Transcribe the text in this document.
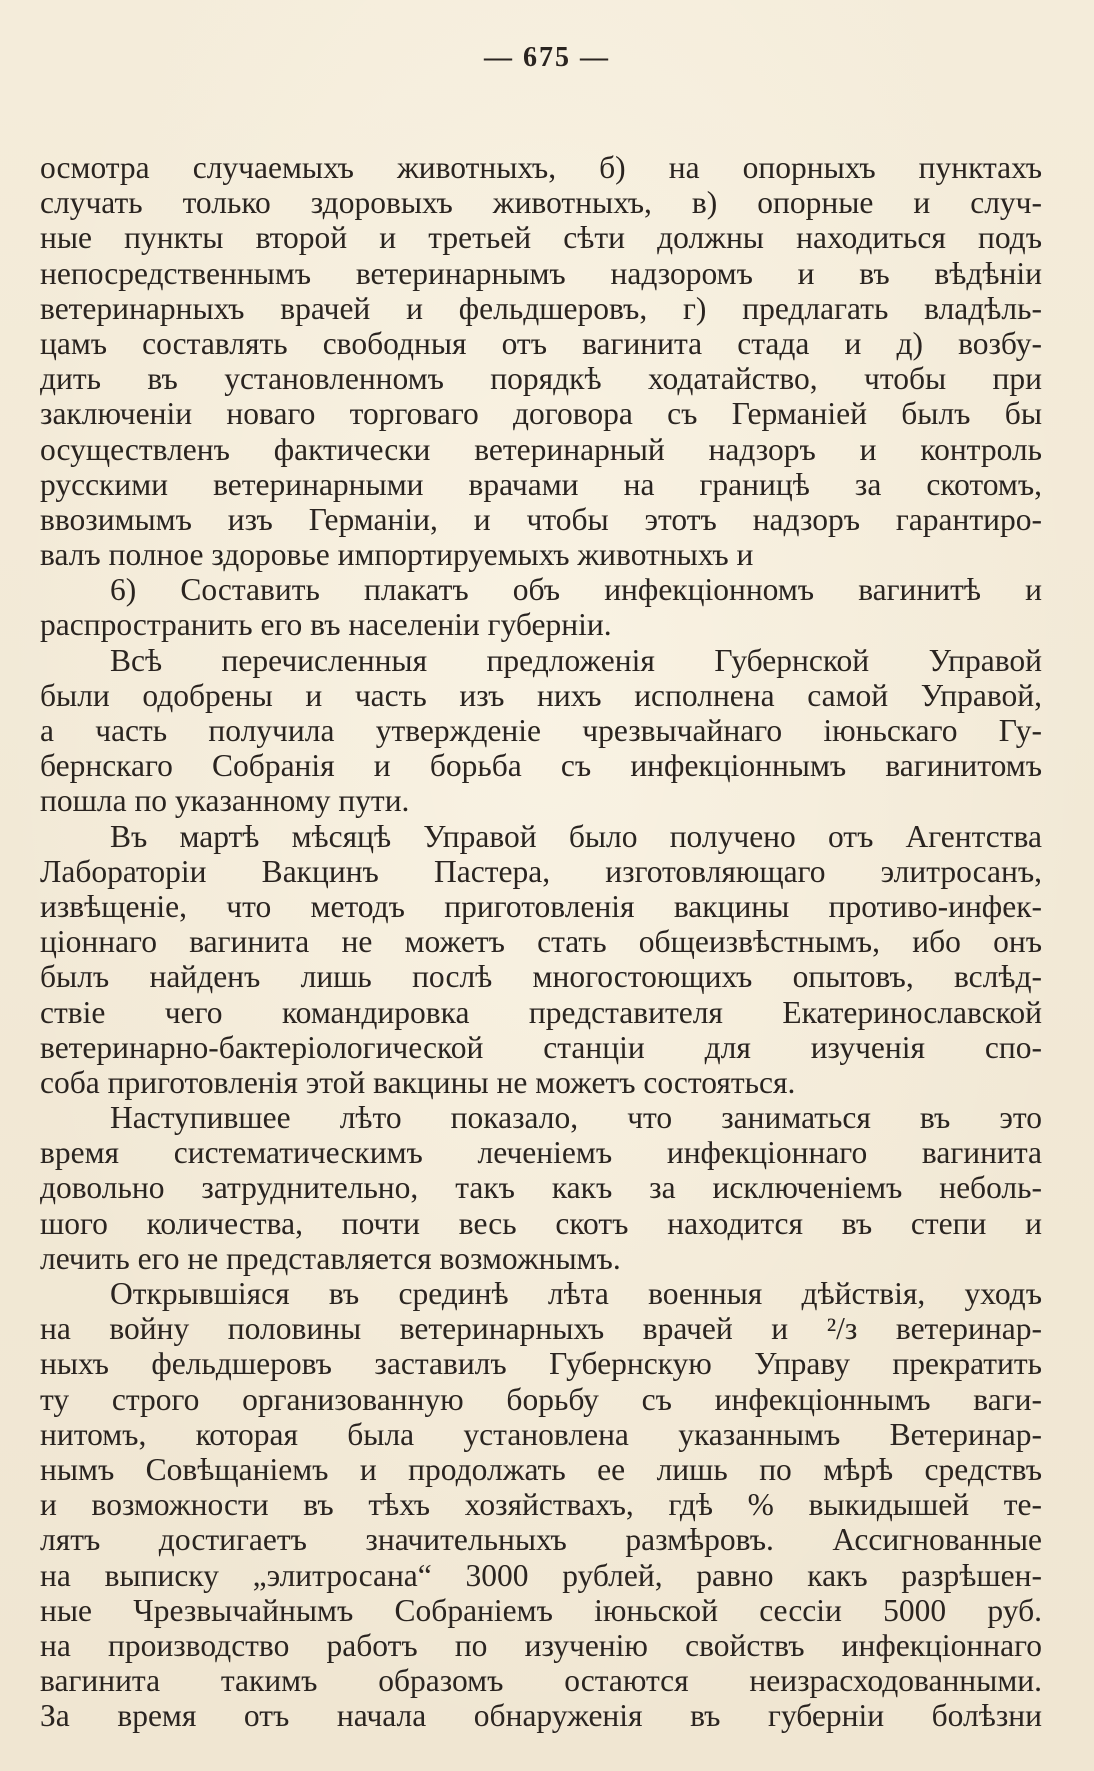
— 675 —
осмотра случаемыхъ животныхъ, б) на опорныхъ пунктахъ
случать только здоровыхъ животныхъ, в) опорные и случ-
ные пункты второй и третьей сѣти должны находиться подъ
непосредственнымъ ветеринарнымъ надзоромъ и въ вѣдѣніи
ветеринарныхъ врачей и фельдшеровъ, г) предлагать владѣль-
цамъ составлять свободныя отъ вагинита стада и д) возбу-
дить въ установленномъ порядкѣ ходатайство, чтобы при
заключеніи новаго торговаго договора съ Германіей былъ бы
осуществленъ фактически ветеринарный надзоръ и контроль
русскими ветеринарными врачами на границѣ за скотомъ,
ввозимымъ изъ Германіи, и чтобы этотъ надзоръ гарантиро-
валъ полное здоровье импортируемыхъ животныхъ и
6) Составить плакатъ объ инфекціонномъ вагинитѣ и
распространить его въ населеніи губерніи.
Всѣ перечисленныя предложенія Губернской Управой
были одобрены и часть изъ нихъ исполнена самой Управой,
а часть получила утвержденіе чрезвычайнаго іюньскаго Гу-
бернскаго Собранія и борьба съ инфекціоннымъ вагинитомъ
пошла по указанному пути.
Въ мартѣ мѣсяцѣ Управой было получено отъ Агентства
Лабораторіи Вакцинъ Пастера, изготовляющаго элитросанъ,
извѣщеніе, что методъ приготовленія вакцины противо-инфек-
ціоннаго вагинита не можетъ стать общеизвѣстнымъ, ибо онъ
былъ найденъ лишь послѣ многостоющихъ опытовъ, вслѣд-
ствіе чего командировка представителя Екатеринославской
ветеринарно-бактеріологической станціи для изученія спо-
соба приготовленія этой вакцины не можетъ состояться.
Наступившее лѣто показало, что заниматься въ это
время систематическимъ леченіемъ инфекціоннаго вагинита
довольно затруднительно, такъ какъ за исключеніемъ неболь-
шого количества, почти весь скотъ находится въ степи и
лечить его не представляется возможнымъ.
Открывшіяся въ срединѣ лѣта военныя дѣйствія, уходъ
на войну половины ветеринарныхъ врачей и ²/з ветеринар-
ныхъ фельдшеровъ заставилъ Губернскую Управу прекратить
ту строго организованную борьбу съ инфекціоннымъ ваги-
нитомъ, которая была установлена указаннымъ Ветеринар-
нымъ Совѣщаніемъ и продолжать ее лишь по мѣрѣ средствъ
и возможности въ тѣхъ хозяйствахъ, гдѣ % выкидышей те-
лятъ достигаетъ значительныхъ размѣровъ. Ассигнованные
на выписку „элитросана“ 3000 рублей, равно какъ разрѣшен-
ные Чрезвычайнымъ Собраніемъ іюньской сессіи 5000 руб.
на производство работъ по изученію свойствъ инфекціоннаго
вагинита такимъ образомъ остаются неизрасходованными.
За время отъ начала обнаруженія въ губерніи болѣзни
